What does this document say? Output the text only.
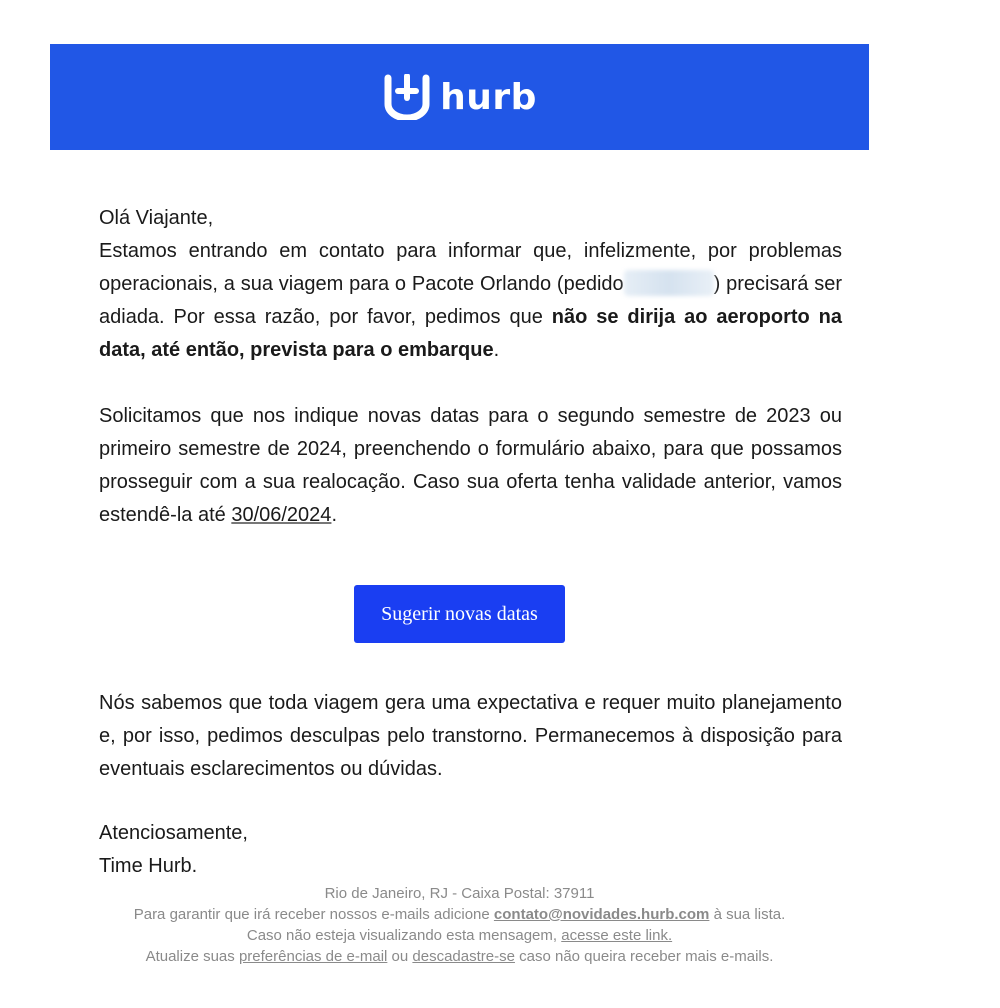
hurb

Olá Viajante,

Estamos entrando em contato para informar que, infelizmente, por problemas operacionais, a sua viagem para o Pacote Orlando (pedido	) precisará ser adiada. Por essa razão, por favor, pedimos que não se dirija ao aeroporto na data, até então, prevista para o embarque.

Solicitamos que nos indique novas datas para o segundo semestre de 2023 ou primeiro semestre de 2024, preenchendo o formulário abaixo, para que possamos prosseguir com a sua realocação. Caso sua oferta tenha validade anterior, vamos estendê-la até 30/06/2024.

Sugerir novas datas

Nós sabemos que toda viagem gera uma expectativa e requer muito planejamento e, por isso, pedimos desculpas pelo transtorno. Permanecemos à disposição para eventuais esclarecimentos ou dúvidas.

Atenciosamente,
Time Hurb.
Rio de Janeiro, RJ - Caixa Postal: 37911
Para garantir que irá receber nossos e-mails adicione contato@novidades.hurb.com à sua lista.
Caso não esteja visualizando esta mensagem, acesse este link.
Atualize suas preferências de e-mail ou descadastre-se caso não queira receber mais e-mails.
